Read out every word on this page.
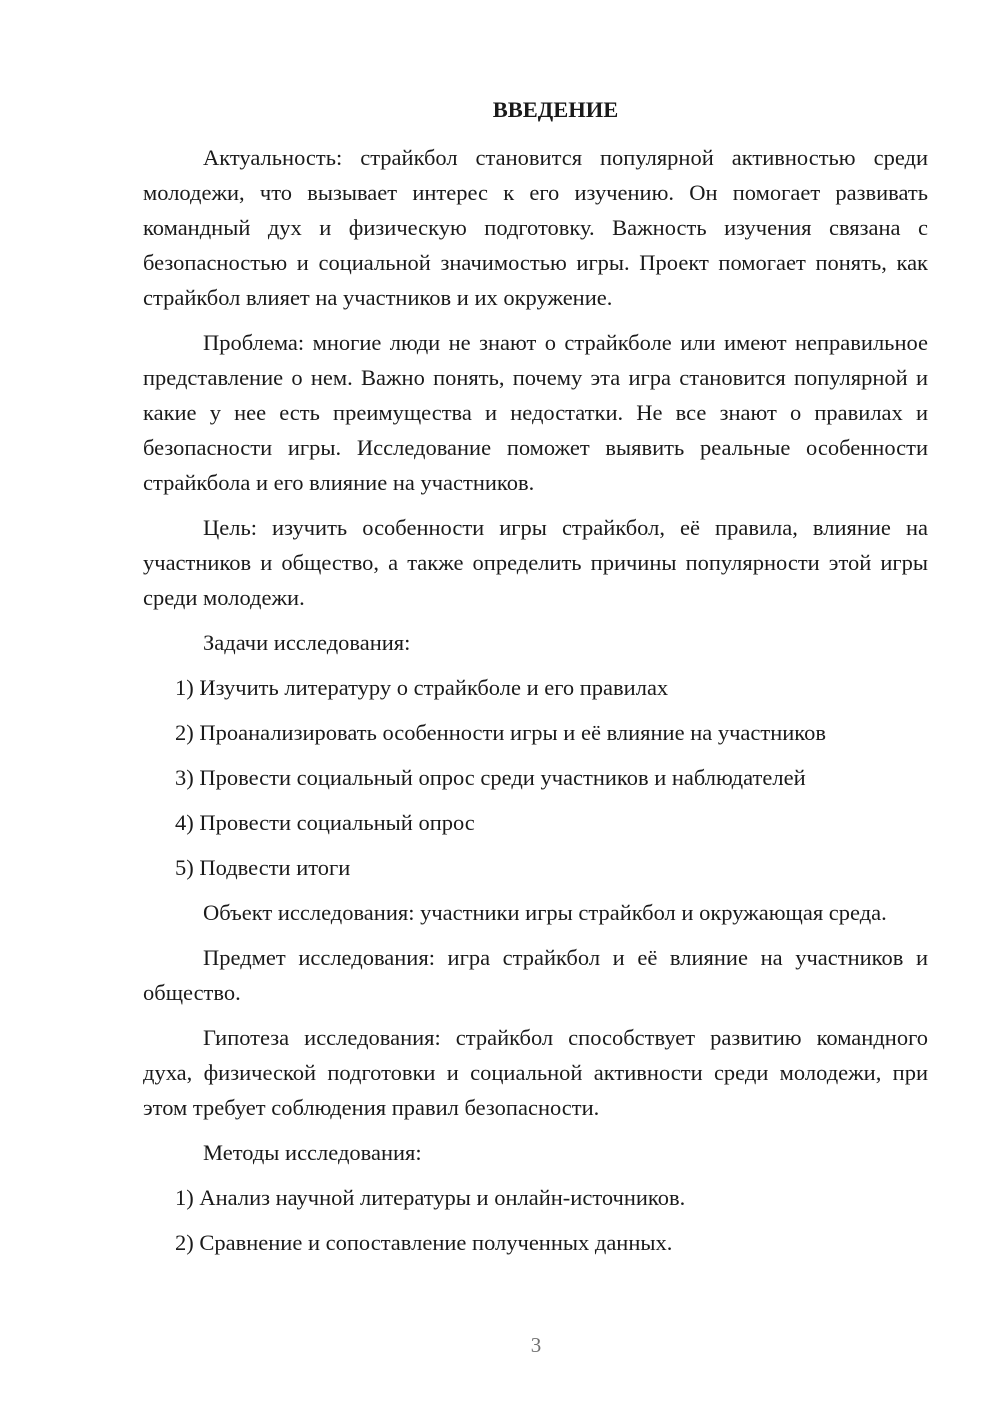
ВВЕДЕНИЕ

Актуальность: страйкбол становится популярной активностью среди молодежи, что вызывает интерес к его изучению. Он помогает развивать командный дух и физическую подготовку. Важность изучения связана с безопасностью и социальной значимостью игры. Проект помогает понять, как страйкбол влияет на участников и их окружение.

Проблема: многие люди не знают о страйкболе или имеют неправильное представление о нем. Важно понять, почему эта игра становится популярной и какие у нее есть преимущества и недостатки. Не все знают о правилах и безопасности игры. Исследование поможет выявить реальные особенности страйкбола и его влияние на участников.

Цель: изучить особенности игры страйкбол, её правила, влияние на участников и общество, а также определить причины популярности этой игры среди молодежи.

Задачи исследования:

1) Изучить литературу о страйкболе и его правилах
2) Проанализировать особенности игры и её влияние на участников
3) Провести социальный опрос среди участников и наблюдателей
4) Провести социальный опрос
5) Подвести итоги

Объект исследования: участники игры страйкбол и окружающая среда.

Предмет исследования: игра страйкбол и её влияние на участников и общество.

Гипотеза исследования: страйкбол способствует развитию командного духа, физической подготовки и социальной активности среди молодежи, при этом требует соблюдения правил безопасности.

Методы исследования:

1) Анализ научной литературы и онлайн-источников.
2) Сравнение и сопоставление полученных данных.
3
